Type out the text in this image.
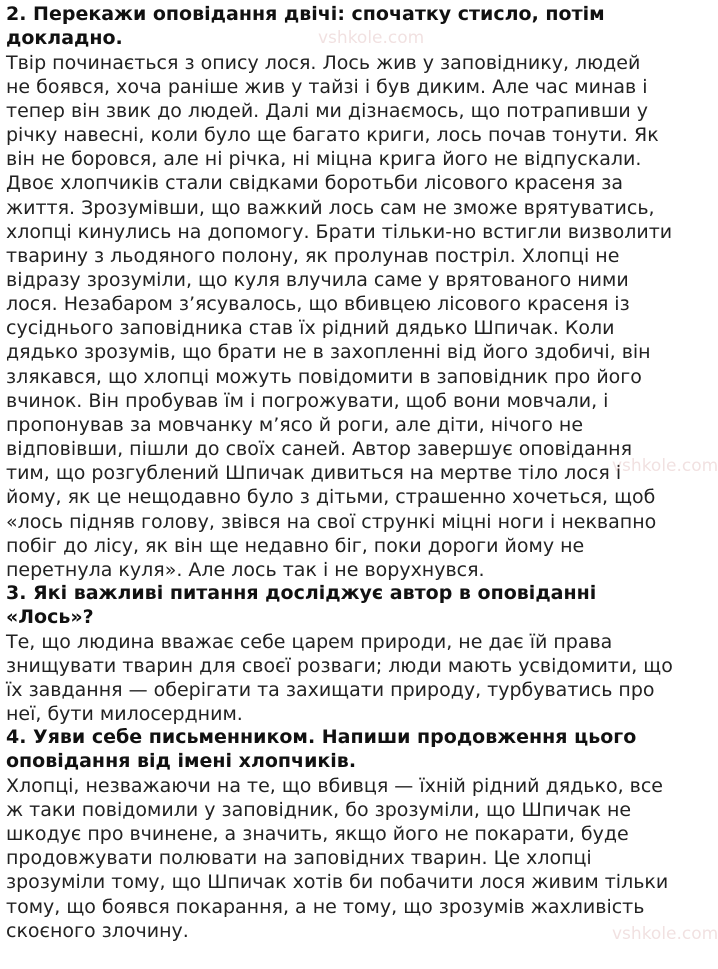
2. Перекажи оповідання двічі: спочатку стисло, потім
докладно.

Твір починається з опису лося. Лось жив у заповіднику, людей
не боявся, хоча раніше жив у тайзі і був диким. Але час минав і
тепер він звик до людей. Далі ми дізнаємось, що потрапивши у
річку навесні, коли було ще багато криги, лось почав тонути. Як
він не боровся, але ні річка, ні міцна крига його не відпускали.
Двоє хлопчиків стали свідками боротьби лісового красеня за
життя. Зрозумівши, що важкий лось сам не зможе врятуватись,
хлопці кинулись на допомогу. Брати тільки-но встигли визволити
тварину з льодяного полону, як пролунав постріл. Хлопці не
відразу зрозуміли, що куля влучила саме у врятованого ними
лося. Незабаром з’ясувалось, що вбивцею лісового красеня із
сусіднього заповідника став їх рідний дядько Шпичак. Коли
дядько зрозумів, що брати не в захопленні від його здобичі, він
злякався, що хлопці можуть повідомити в заповідник про його
вчинок. Він пробував їм і погрожувати, щоб вони мовчали, і
пропонував за мовчанку м’ясо й роги, але діти, нічого не
відповівши, пішли до своїх саней. Автор завершує оповідання
тим, що розгублений Шпичак дивиться на мертве тіло лося і
йому, як це нещодавно було з дітьми, страшенно хочеться, щоб
«лось підняв голову, звівся на свої стрункі міцні ноги і неквапно
побіг до лісу, як він ще недавно біг, поки дороги йому не
перетнула куля». Але лось так і не ворухнувся.

3. Які важливі питання досліджує автор в оповіданні
«Лось»?

Те, що людина вважає себе царем природи, не дає їй права
знищувати тварин для своєї розваги; люди мають усвідомити, що
їх завдання — оберігати та захищати природу, турбуватись про
неї, бути милосердним.

4. Уяви себе письменником. Напиши продовження цього
оповідання від імені хлопчиків.

Хлопці, незважаючи на те, що вбивця — їхній рідний дядько, все
ж таки повідомили у заповідник, бо зрозуміли, що Шпичак не
шкодує про вчинене, а значить, якщо його не покарати, буде
продовжувати полювати на заповідних тварин. Це хлопці
зрозуміли тому, що Шпичак хотів би побачити лося живим тільки
тому, що боявся покарання, а не тому, що зрозумів жахливість
скоєного злочину.

vshkole.com
vshkole.com
vshkole.com
